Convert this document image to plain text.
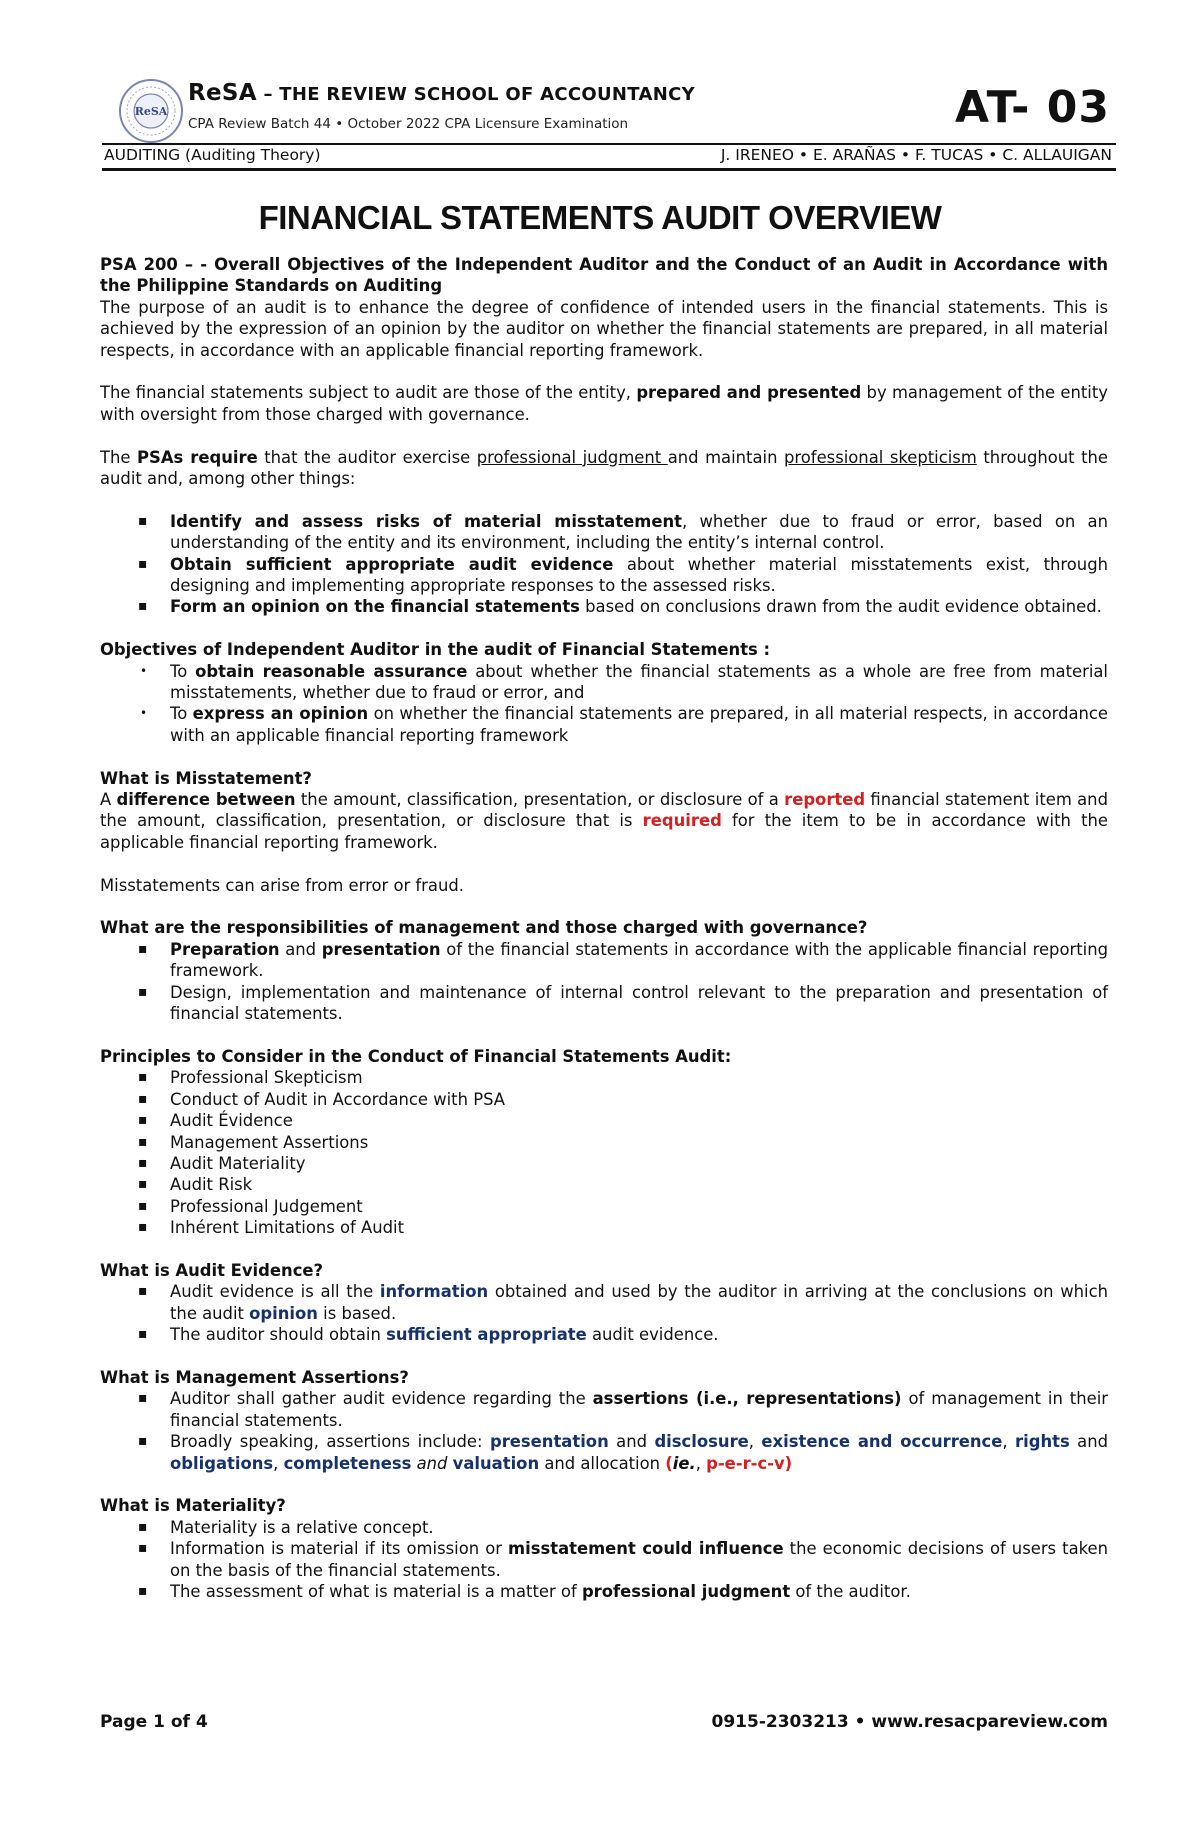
ReSA
ReSA – THE REVIEW SCHOOL OF ACCOUNTANCY
CPA Review Batch 44 • October 2022 CPA Licensure Examination	AT- 03
AUDITING (Auditing Theory)	J. IRENEO • E. ARAÑAS • F. TUCAS • C. ALLAUIGAN
FINANCIAL STATEMENTS AUDIT OVERVIEW

PSA 200 – - Overall Objectives of the Independent Auditor and the Conduct of an Audit in Accordance with the Philippine Standards on Auditing

The purpose of an audit is to enhance the degree of confidence of intended users in the financial statements. This is achieved by the expression of an opinion by the auditor on whether the financial statements are prepared, in all material respects, in accordance with an applicable financial reporting framework.

The financial statements subject to audit are those of the entity, prepared and presented by management of the entity with oversight from those charged with governance.

The PSAs require that the auditor exercise professional judgment and maintain professional skepticism throughout the audit and, among other things:

▪ Identify and assess risks of material misstatement, whether due to fraud or error, based on an understanding of the entity and its environment, including the entity’s internal control.
▪ Obtain sufficient appropriate audit evidence about whether material misstatements exist, through designing and implementing appropriate responses to the assessed risks.
▪ Form an opinion on the financial statements based on conclusions drawn from the audit evidence obtained.

Objectives of Independent Auditor in the audit of Financial Statements :

• To obtain reasonable assurance about whether the financial statements as a whole are free from material misstatements, whether due to fraud or error, and
• To express an opinion on whether the financial statements are prepared, in all material respects, in accordance with an applicable financial reporting framework

What is Misstatement?

A difference between the amount, classification, presentation, or disclosure of a reported financial statement item and the amount, classification, presentation, or disclosure that is required for the item to be in accordance with the applicable financial reporting framework.

Misstatements can arise from error or fraud.

What are the responsibilities of management and those charged with governance?

▪ Preparation and presentation of the financial statements in accordance with the applicable financial reporting framework.
▪ Design, implementation and maintenance of internal control relevant to the preparation and presentation of financial statements.

Principles to Consider in the Conduct of Financial Statements Audit:

▪ Professional Skepticism
▪ Conduct of Audit in Accordance with PSA
▪ Audit Évidence
▪ Management Assertions
▪ Audit Materiality
▪ Audit Risk
▪ Professional Judgement
▪ Inhérent Limitations of Audit

What is Audit Evidence?

▪ Audit evidence is all the information obtained and used by the auditor in arriving at the conclusions on which the audit opinion is based.
▪ The auditor should obtain sufficient appropriate audit evidence.

What is Management Assertions?

▪ Auditor shall gather audit evidence regarding the assertions (i.e., representations) of management in their financial statements.
▪ Broadly speaking, assertions include: presentation and disclosure, existence and occurrence, rights and obligations, completeness and valuation and allocation (ie., p-e-r-c-v)

What is Materiality?

▪ Materiality is a relative concept.
▪ Information is material if its omission or misstatement could influence the economic decisions of users taken on the basis of the financial statements.
▪ The assessment of what is material is a matter of professional judgment of the auditor.
Page 1 of 4	0915-2303213 • www.resacpareview.com
